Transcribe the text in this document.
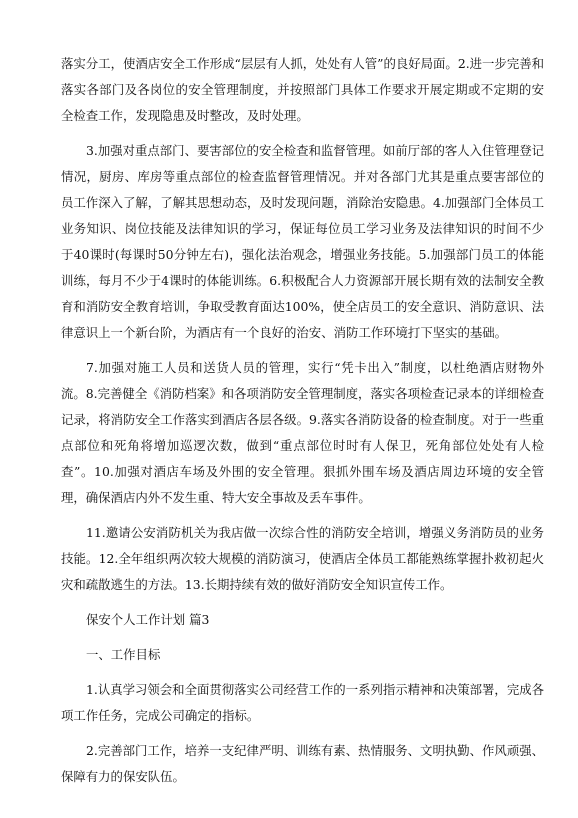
落实分工，使酒店安全工作形成“层层有人抓，处处有人管”的良好局面。2.进一步完善和落实各部门及各岗位的安全管理制度，并按照部门具体工作要求开展定期或不定期的安全检查工作，发现隐患及时整改，及时处理。

3.加强对重点部门、要害部位的安全检查和监督管理。如前厅部的客人入住管理登记情况，厨房、库房等重点部位的检查监督管理情况。并对各部门尤其是重点要害部位的员工作深入了解，了解其思想动态，及时发现问题，消除治安隐患。4.加强部门全体员工业务知识、岗位技能及法律知识的学习，保证每位员工学习业务及法律知识的时间不少于40课时(每课时50分钟左右)，强化法治观念，增强业务技能。5.加强部门员工的体能训练，每月不少于4课时的体能训练。6.积极配合人力资源部开展长期有效的法制安全教育和消防安全教育培训，争取受教育面达100%，使全店员工的安全意识、消防意识、法律意识上一个新台阶，为酒店有一个良好的治安、消防工作环境打下坚实的基础。

7.加强对施工人员和送货人员的管理，实行“凭卡出入”制度，以杜绝酒店财物外流。8.完善健全《消防档案》和各项消防安全管理制度，落实各项检查记录本的详细检查记录，将消防安全工作落实到酒店各层各级。9.落实各消防设备的检查制度。对于一些重点部位和死角将增加巡逻次数，做到“重点部位时时有人保卫，死角部位处处有人检查”。10.加强对酒店车场及外围的安全管理。狠抓外围车场及酒店周边环境的安全管理，确保酒店内外不发生重、特大安全事故及丢车事件。

11.邀请公安消防机关为我店做一次综合性的消防安全培训，增强义务消防员的业务技能。12.全年组织两次较大规模的消防演习，使酒店全体员工都能熟练掌握扑救初起火灾和疏散逃生的方法。13.长期持续有效的做好消防安全知识宣传工作。

保安个人工作计划 篇3

一、工作目标

1.认真学习领会和全面贯彻落实公司经营工作的一系列指示精神和决策部署，完成各项工作任务，完成公司确定的指标。

2.完善部门工作，培养一支纪律严明、训练有素、热情服务、文明执勤、作风顽强、保障有力的保安队伍。
